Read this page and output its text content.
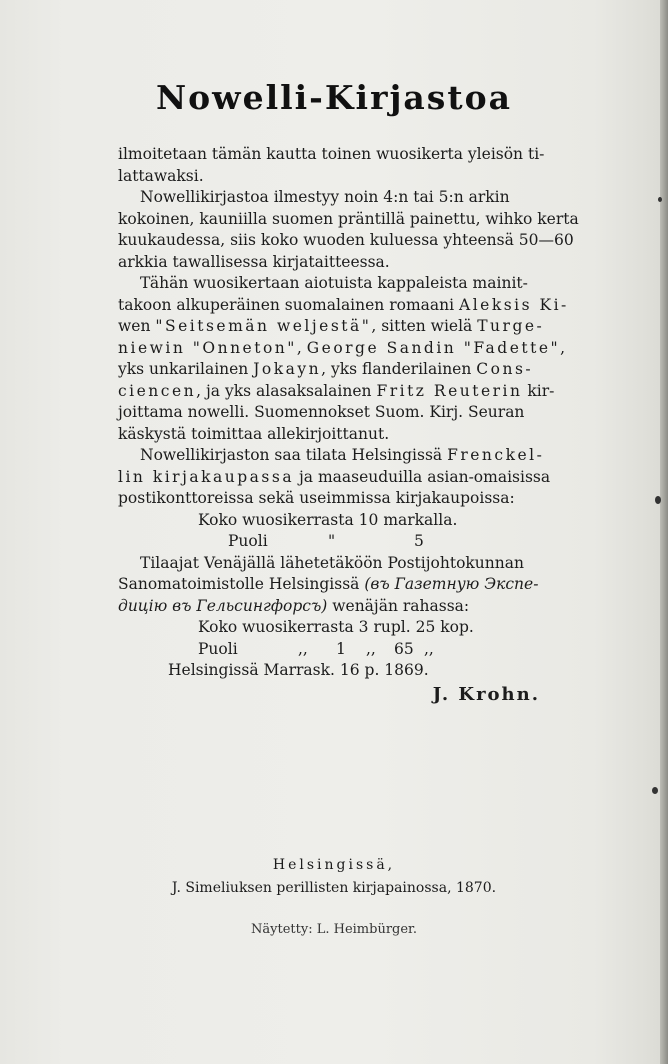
Nowelli-Kirjastoa

ilmoitetaan tämän kautta toinen wuosikerta yleisön ti-
lattawaksi.

Nowellikirjastoa ilmestyy noin 4:n tai 5:n arkin
kokoinen, kauniilla suomen präntillä painettu, wihko kerta
kuukaudessa, siis koko wuoden kuluessa yhteensä 50—60
arkkia tawallisessa kirjataitteessa.

Tähän wuosikertaan aiotuista kappaleista mainit-
takoon alkuperäinen suomalainen romaani Aleksis Ki-
wen "Seitsemän weljestä", sitten wielä Turge-
niewin "Onneton", George Sandin "Fadette",
yks unkarilainen Jokayn, yks flanderilainen Cons-
ciencen, ja yks alasaksalainen Fritz Reuterin kir-
joittama nowelli. Suomennokset Suom. Kirj. Seuran
käskystä toimittaa allekirjoittanut.

Nowellikirjaston saa tilata Helsingissä Frenckel-
lin kirjakaupassa ja maaseuduilla asian-omaisissa
postikonttoreissa sekä useimmissa kirjakaupoissa:

Koko wuosikerrasta 10 markalla.
Puoli	"	5

Tilaajat Venäjällä lähetetäköön Postijohtokunnan
Sanomatoimistolle Helsingissä (въ Газетную Экспе-
дицію въ Гельсингфорсъ) wenäjän rahassa:

Koko wuosikerrasta 3 rupl. 25 kop.
Puoli	,, 1 ,, 65 ,,

Helsingissä Marrask. 16 p. 1869.

J. Krohn.
Helsingissä,
J. Simeliuksen perillisten kirjapainossa, 1870.
Näytetty: L. Heimbürger.
